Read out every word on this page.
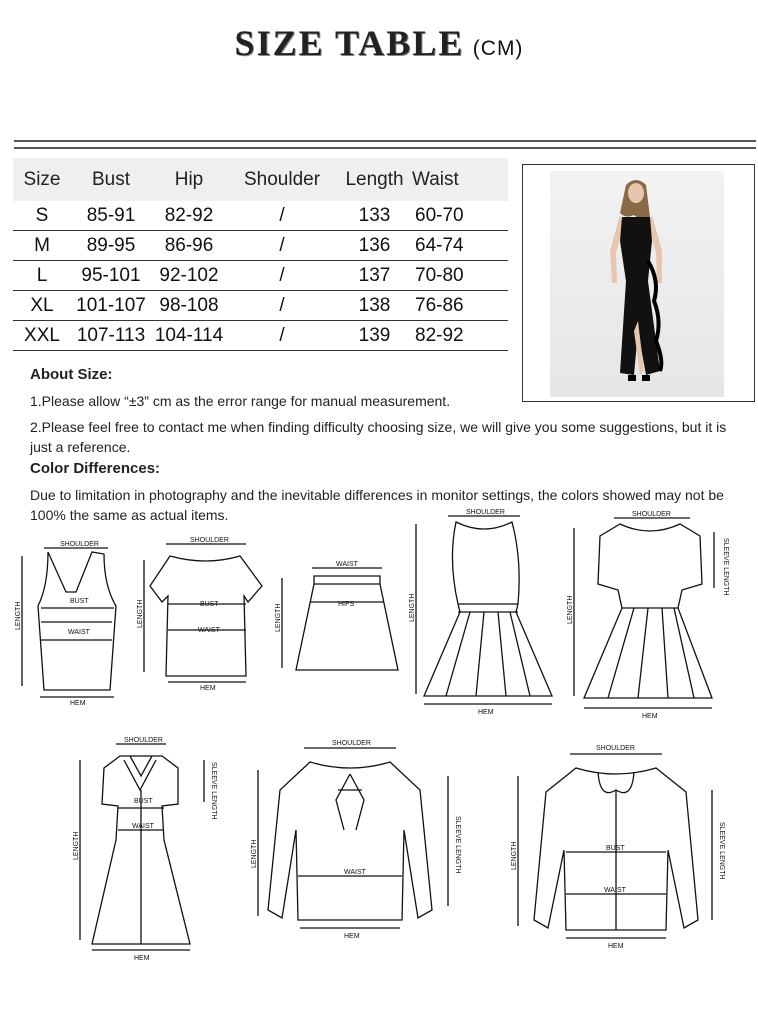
SIZE TABLE (CM)
Size	Bust	Hip	Shoulder	Length Waist
S	85-91	82-92	/	133	60-70
M	89-95	86-96	/	136	64-74
L	95-101 92-102	/	137	70-80
XL	101-107 98-108	/	138	76-86
XXL 107-113 104-114	/	139	82-92
About Size:
1.Please allow “±3” cm as the error range for manual measurement.
2.Please feel free to contact me when finding difficulty choosing size, we will give you some suggestions, but it is just a reference.
Color Differences:
Due to limitation in photography and the inevitable differences in monitor settings, the colors showed may not be 100% the same as actual items.
SHOULDER
BUST
WAIST
HEM
LENGTH
SHOULDER
BUST
WAIST
HEM
LENGTH
WAIST
HIPS
LENGTH
SHOULDER
HEM
LENGTH
SHOULDER
HEM
LENGTH
SLEEVE LENGTH
SHOULDER
BUST
WAIST
HEM
LENGTH
SLEEVE LENGTH
SHOULDER
WAIST
HEM
LENGTH	SLEEVE LENGTH
SHOULDER
BUST
WAIST
HEM
LENGTH	SLEEVE LENGTH
